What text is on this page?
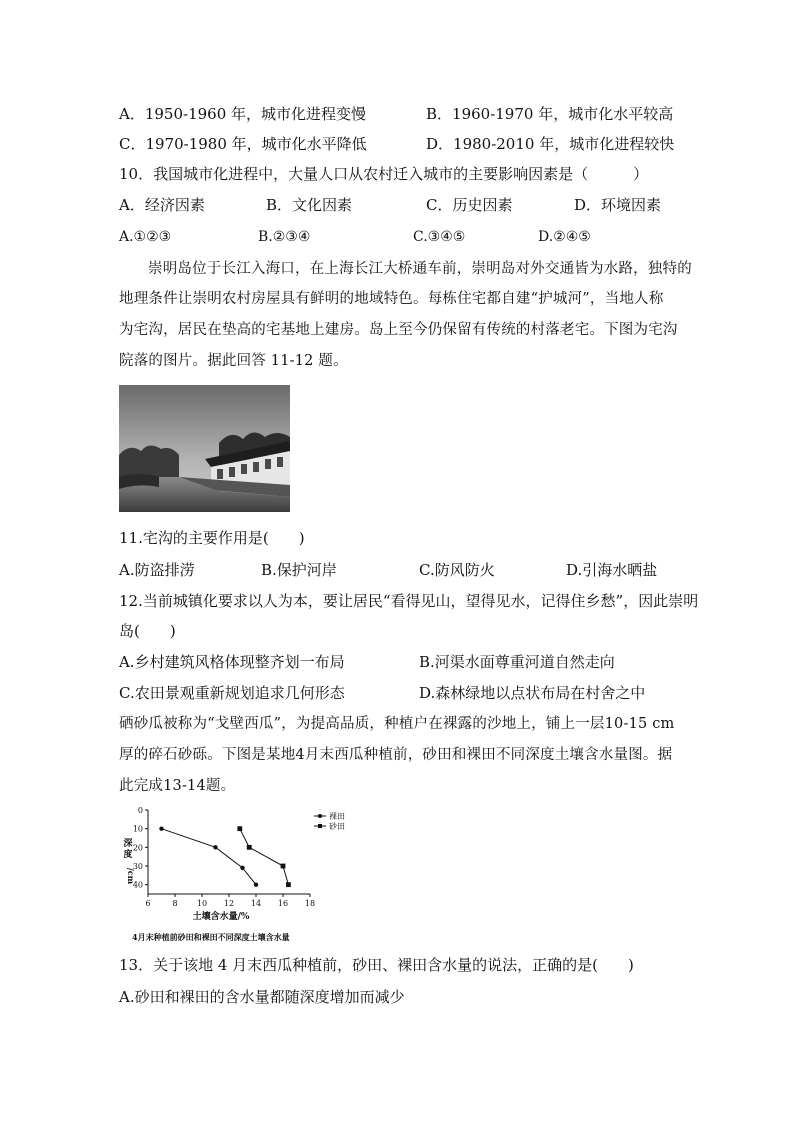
A．1950-1960 年，城市化进程变慢	B．1960-1970 年，城市化水平较高
C．1970-1980 年，城市化水平降低	D．1980-2010 年，城市化进程较快
10．我国城市化进程中，大量人口从农村迁入城市的主要影响因素是（　　　）
A．经济因素	B．文化因素	C．历史因素	D．环境因素
A.①②③	B.②③④	C.③④⑤	D.②④⑤
崇明岛位于长江入海口，在上海长江大桥通车前，崇明岛对外交通皆为水路，独特的
地理条件让崇明农村房屋具有鲜明的地域特色。每栋住宅都自建“护城河”，当地人称
为宅沟，居民在垫高的宅基地上建房。岛上至今仍保留有传统的村落老宅。下图为宅沟
院落的图片。据此回答 11-12 题。
11.宅沟的主要作用是(　　)
A.防盗排涝	B.保护河岸	C.防风防火	D.引海水晒盐
12.当前城镇化要求以人为本，要让居民“看得见山，望得见水，记得住乡愁”，因此崇明
岛(　　)
A.乡村建筑风格体现整齐划一布局	B.河渠水面尊重河道自然走向
C.农田景观重新规划追求几何形态	D.森林绿地以点状布局在村舍之中
硒砂瓜被称为“戈壁西瓜”，为提高品质，种植户在裸露的沙地上，铺上一层10-15 cm
厚的碎石砂砾。下图是某地4月末西瓜种植前，砂田和裸田不同深度土壤含水量图。据
此完成13-14题。
6	8 10 12 14 16 18
0
10
20
30
40
深
度
/cm
土壤含水量/%
4月末种植前砂田和裸田不同深度土壤含水量
裸田
砂田
13．关于该地 4 月末西瓜种植前，砂田、裸田含水量的说法，正确的是(　　)
A.砂田和裸田的含水量都随深度增加而减少
